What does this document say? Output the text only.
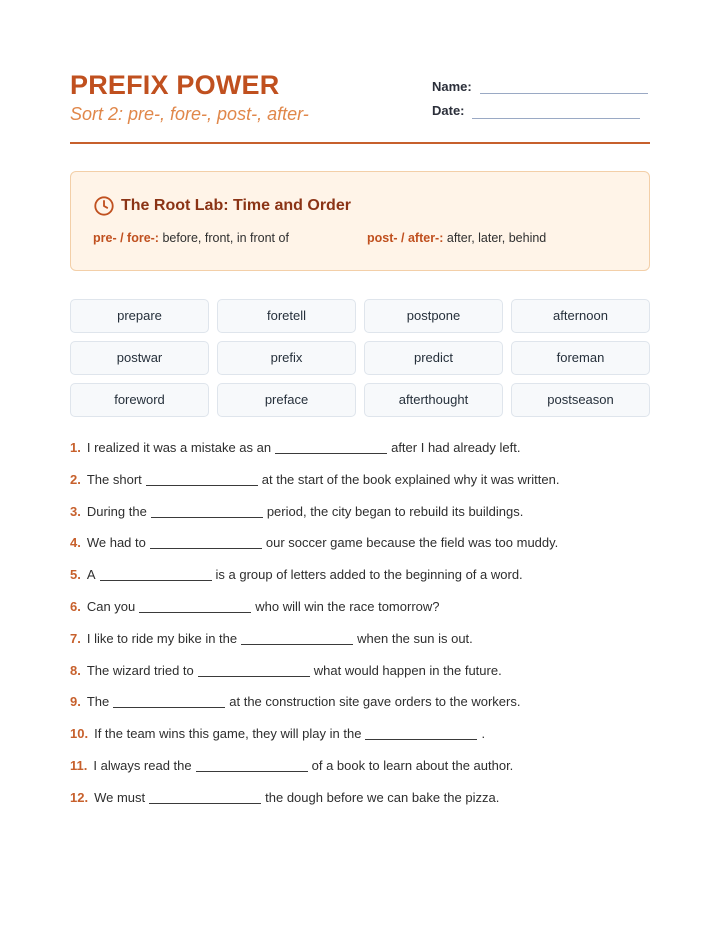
PREFIX POWER
Sort 2: pre-, fore-, post-, after-
Name:
Date:
The Root Lab: Time and Order
pre- / fore-: before, front, in front of	post- / after-: after, later, behind
prepare	foretell	postpone	afternoon
postwar	prefix	predict	foreman
foreword	preface	afterthought	postseason
1. I realized it was a mistake as an	after I had already left.
2. The short	at the start of the book explained why it was written.
3. During the	period, the city began to rebuild its buildings.
4. We had to	our soccer game because the field was too muddy.
5. A	is a group of letters added to the beginning of a word.
6. Can you	who will win the race tomorrow?
7. I like to ride my bike in the	when the sun is out.
8. The wizard tried to	what would happen in the future.
9. The	at the construction site gave orders to the workers.
10. If the team wins this game, they will play in the	.
11. I always read the	of a book to learn about the author.
12. We must	the dough before we can bake the pizza.
